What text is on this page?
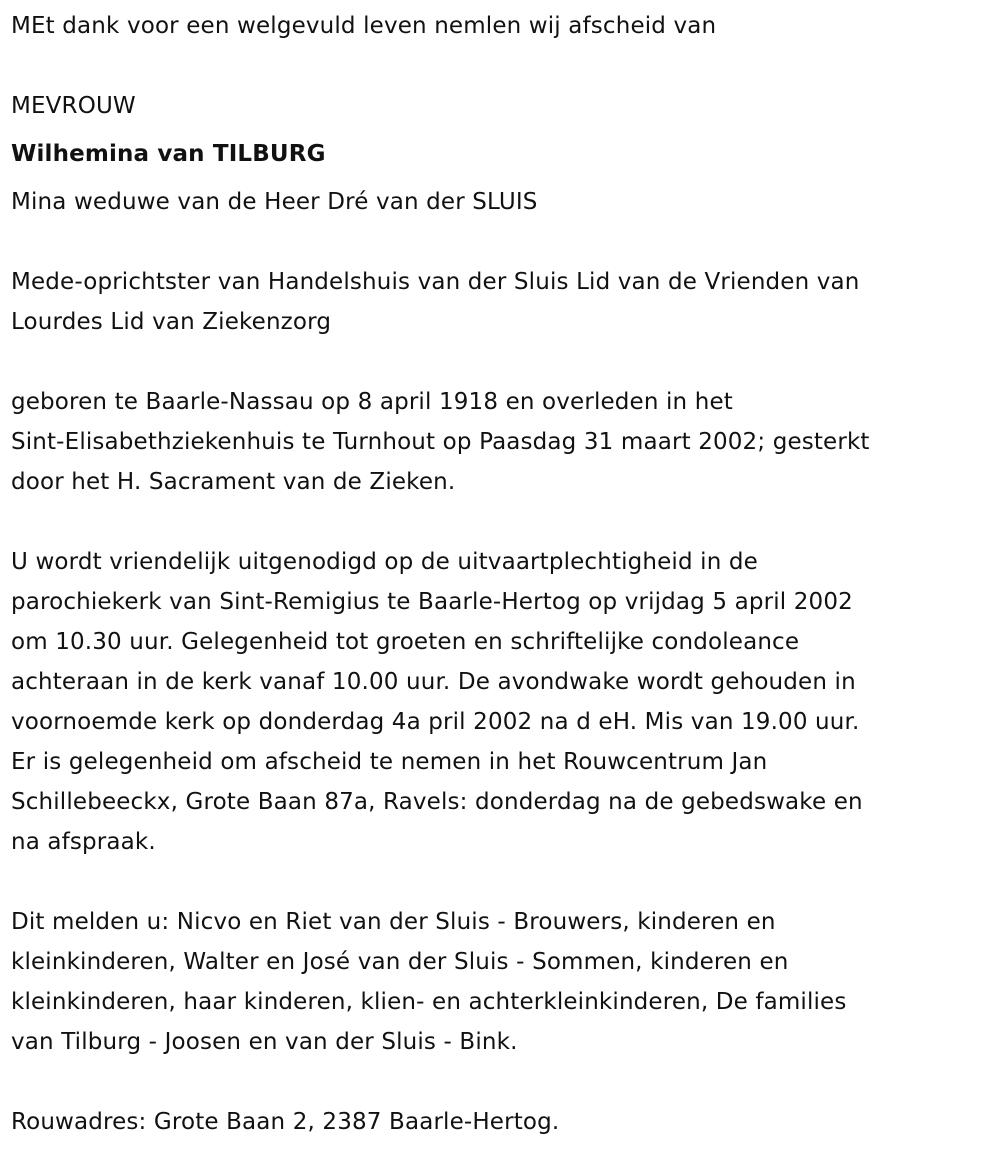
MEt dank voor een welgevuld leven nemlen wij afscheid van

MEVROUW

Wilhemina van TILBURG

Mina weduwe van de Heer Dré van der SLUIS

Mede-oprichtster van Handelshuis van der Sluis Lid van de Vrienden van

Lourdes Lid van Ziekenzorg

geboren te Baarle-Nassau op 8 april 1918 en overleden in het

Sint-Elisabethziekenhuis te Turnhout op Paasdag 31 maart 2002; gesterkt

door het H. Sacrament van de Zieken.

U wordt vriendelijk uitgenodigd op de uitvaartplechtigheid in de

parochiekerk van Sint-Remigius te Baarle-Hertog op vrijdag 5 april 2002

om 10.30 uur. Gelegenheid tot groeten en schriftelijke condoleance

achteraan in de kerk vanaf 10.00 uur. De avondwake wordt gehouden in

voornoemde kerk op donderdag 4a pril 2002 na d eH. Mis van 19.00 uur.

Er is gelegenheid om afscheid te nemen in het Rouwcentrum Jan

Schillebeeckx, Grote Baan 87a, Ravels: donderdag na de gebedswake en

na afspraak.

Dit melden u: Nicvo en Riet van der Sluis - Brouwers, kinderen en

kleinkinderen, Walter en José van der Sluis - Sommen, kinderen en

kleinkinderen, haar kinderen, klien- en achterkleinkinderen, De families

van Tilburg - Joosen en van der Sluis - Bink.

Rouwadres: Grote Baan 2, 2387 Baarle-Hertog.
